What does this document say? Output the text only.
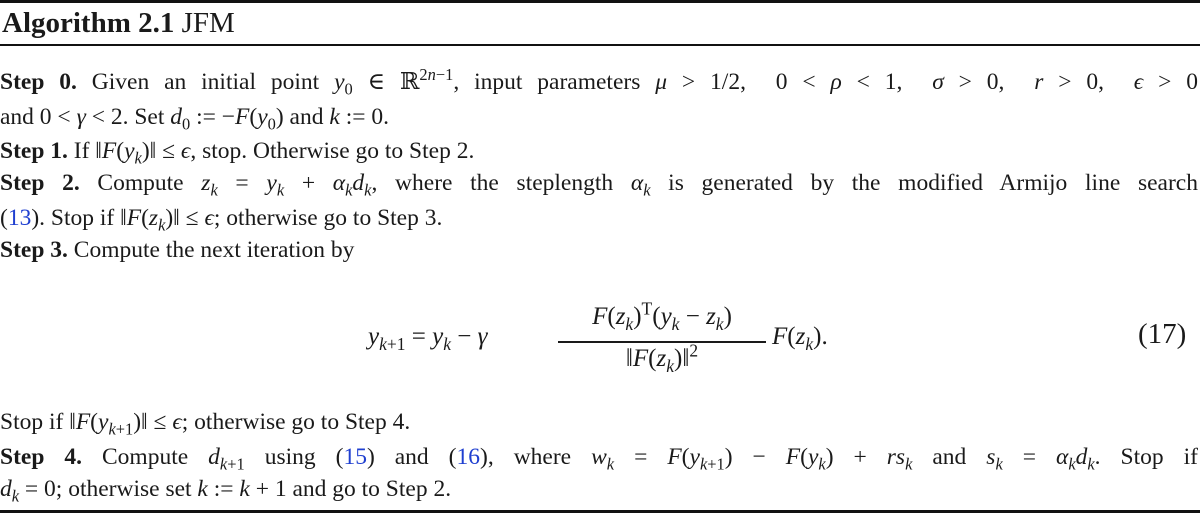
Algorithm 2.1 JFM
Step 0. Given an initial point $y_0$ ∈ ℝ$^{2n-1}$, input parameters μ > 1/2,  0 < ρ < 1,  σ > 0,  r > 0,  ϵ > 0
and 0 < γ < 2. Set $d_0$ := $-F(y_0)$ and k := 0.
Step 1. If $‖F(y_k)‖ \le \epsilon$, stop. Otherwise go to Step 2.
Step 2. Compute $z_k = y_k + \alpha_kd_k$, where the steplength $\alpha_k$ is generated by the modified Armijo line search
(13). Stop if $‖F(z_k)‖ \le \epsilon$; otherwise go to Step 3.
Step 3. Compute the next iteration by
$y_{k+1} = y_k - \gamma$
$F(z_k)^T(y_k - z_k)$
$‖F(z_k)‖^2$
$F(z_k)$.	(17)
Stop if $‖F(y_{k+1})‖ \le \epsilon$; otherwise go to Step 4.
Step 4. Compute $d_{k+1}$ using (15) and (16), where $w_k = F(y_{k+1}) - F(y_k) + rs_k$ and $s_k = \alpha_kd_k$. Stop if
$d_k = 0$; otherwise set k := k + 1 and go to Step 2.
